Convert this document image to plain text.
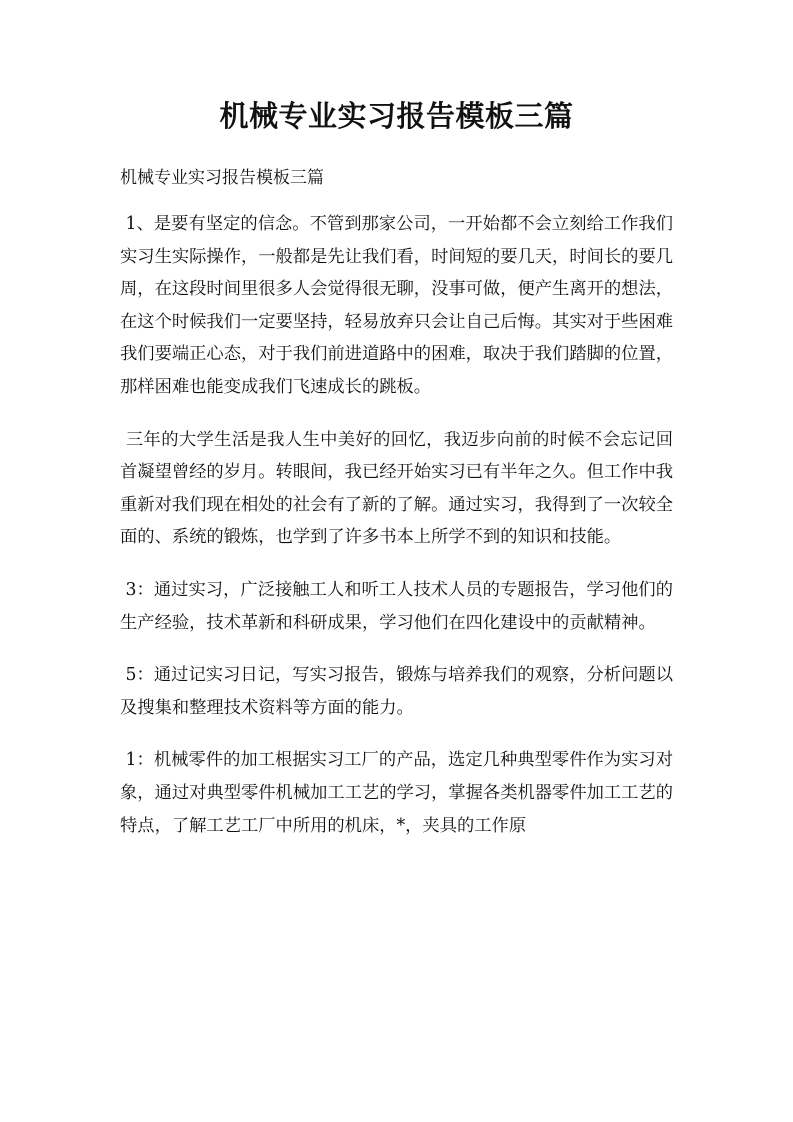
机械专业实习报告模板三篇

机械专业实习报告模板三篇

1、是要有坚定的信念。不管到那家公司，一开始都不会立刻给工作我们实习生实际操作，一般都是先让我们看，时间短的要几天，时间长的要几周，在这段时间里很多人会觉得很无聊，没事可做，便产生离开的想法，在这个时候我们一定要坚持，轻易放弃只会让自己后悔。其实对于些困难我们要端正心态，对于我们前进道路中的困难，取决于我们踏脚的位置，那样困难也能变成我们飞速成长的跳板。

三年的大学生活是我人生中美好的回忆，我迈步向前的时候不会忘记回首凝望曾经的岁月。转眼间，我已经开始实习已有半年之久。但工作中我重新对我们现在相处的社会有了新的了解。通过实习，我得到了一次较全面的、系统的锻炼，也学到了许多书本上所学不到的知识和技能。

3：通过实习，广泛接触工人和听工人技术人员的专题报告，学习他们的生产经验，技术革新和科研成果，学习他们在四化建设中的贡献精神。

5：通过记实习日记，写实习报告，锻炼与培养我们的观察，分析问题以及搜集和整理技术资料等方面的能力。

1：机械零件的加工根据实习工厂的产品，选定几种典型零件作为实习对象，通过对典型零件机械加工工艺的学习，掌握各类机器零件加工工艺的特点，了解工艺工厂中所用的机床，*，夹具的工作原
